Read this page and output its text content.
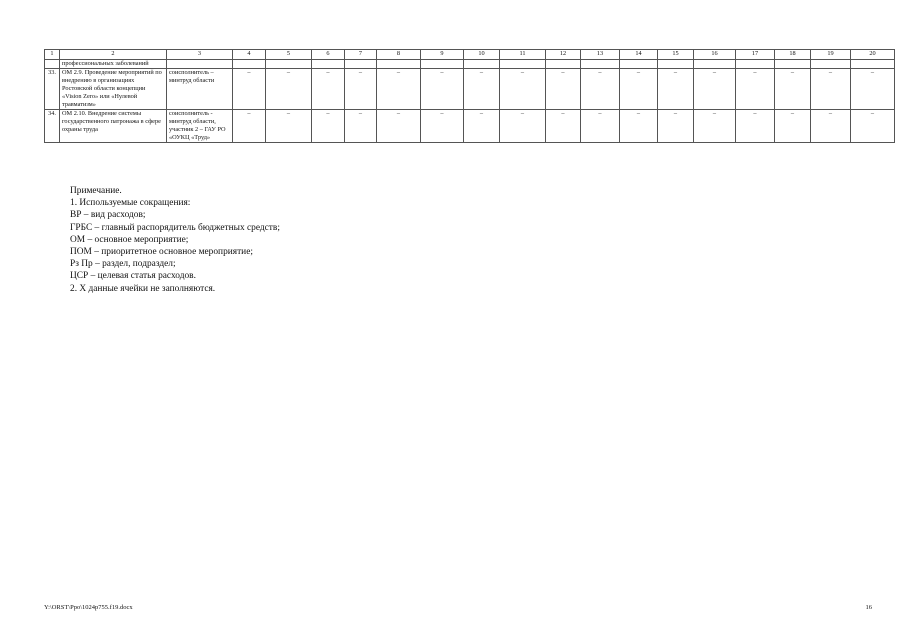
1	2	3	4	5	6	7	8	9	10	11	12	13	14	15	16	17	18	19	20
	профессиональных заболеваний																		
33.	ОМ 2.9. Проведение мероприятий по внедрению в организациях Ростовской области концепции «Vision Zero» или «Нулевой травматизм»	соисполнитель – минтруд области	–	–	–	–	–	–	–	–	–	–	–	–	–	–	–	–	–
34.	ОМ 2.10. Внедрение системы государственного патронажа в сфере охраны труда	соисполнитель - минтруд области, участник 2 – ГАУ РО «ОУКЦ «Труд»	–	–	–	–	–	–	–	–	–	–	–	–	–	–	–	–	–
Примечание.
1. Используемые сокращения:
ВР – вид расходов;
ГРБС – главный распорядитель бюджетных средств;
ОМ – основное мероприятие;
ПОМ – приоритетное основное мероприятие;
Рз Пр – раздел, подраздел;
ЦСР – целевая статья расходов.
2. Х данные ячейки не заполняются.
Y:\ORST\Ppo\1024p755.f19.docx	16
